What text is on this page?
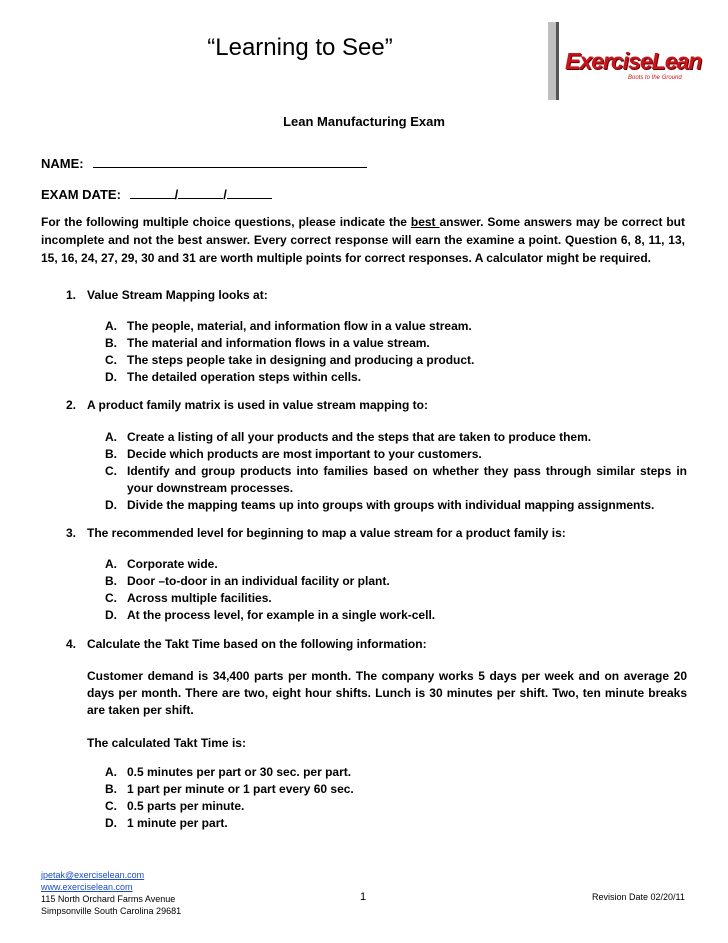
“Learning to See”	ExerciseLean
Boots to the Ground
Lean Manufacturing Exam
NAME:
EXAM DATE:	/	/
For the following multiple choice questions, please indicate the best answer. Some answers may be correct but incomplete and not the best answer. Every correct response will earn the examine a point. Question 6, 8, 11, 13, 15, 16, 24, 27, 29, 30 and 31 are worth multiple points for correct responses. A calculator might be required.
1. Value Stream Mapping looks at:
A. The people, material, and information flow in a value stream.
B. The material and information flows in a value stream.
C. The steps people take in designing and producing a product.
D. The detailed operation steps within cells.
2. A product family matrix is used in value stream mapping to:
A. Create a listing of all your products and the steps that are taken to produce them.
B. Decide which products are most important to your customers.
C. Identify and group products into families based on whether they pass through similar steps in your downstream processes.
D. Divide the mapping teams up into groups with groups with individual mapping assignments.
3. The recommended level for beginning to map a value stream for a product family is:
A. Corporate wide.
B. Door –to-door in an individual facility or plant.
C. Across multiple facilities.
D. At the process level, for example in a single work-cell.
4. Calculate the Takt Time based on the following information:
Customer demand is 34,400 parts per month. The company works 5 days per week and on average 20 days per month. There are two, eight hour shifts. Lunch is 30 minutes per shift. Two, ten minute breaks are taken per shift.
The calculated Takt Time is:
A. 0.5 minutes per part or 30 sec. per part.
B. 1 part per minute or 1 part every 60 sec.
C. 0.5 parts per minute.
D. 1 minute per part.
jpetak@exerciselean.com
www.exerciselean.com
115 North Orchard Farms Avenue
Simpsonville South Carolina 29681
1	Revision Date 02/20/11
